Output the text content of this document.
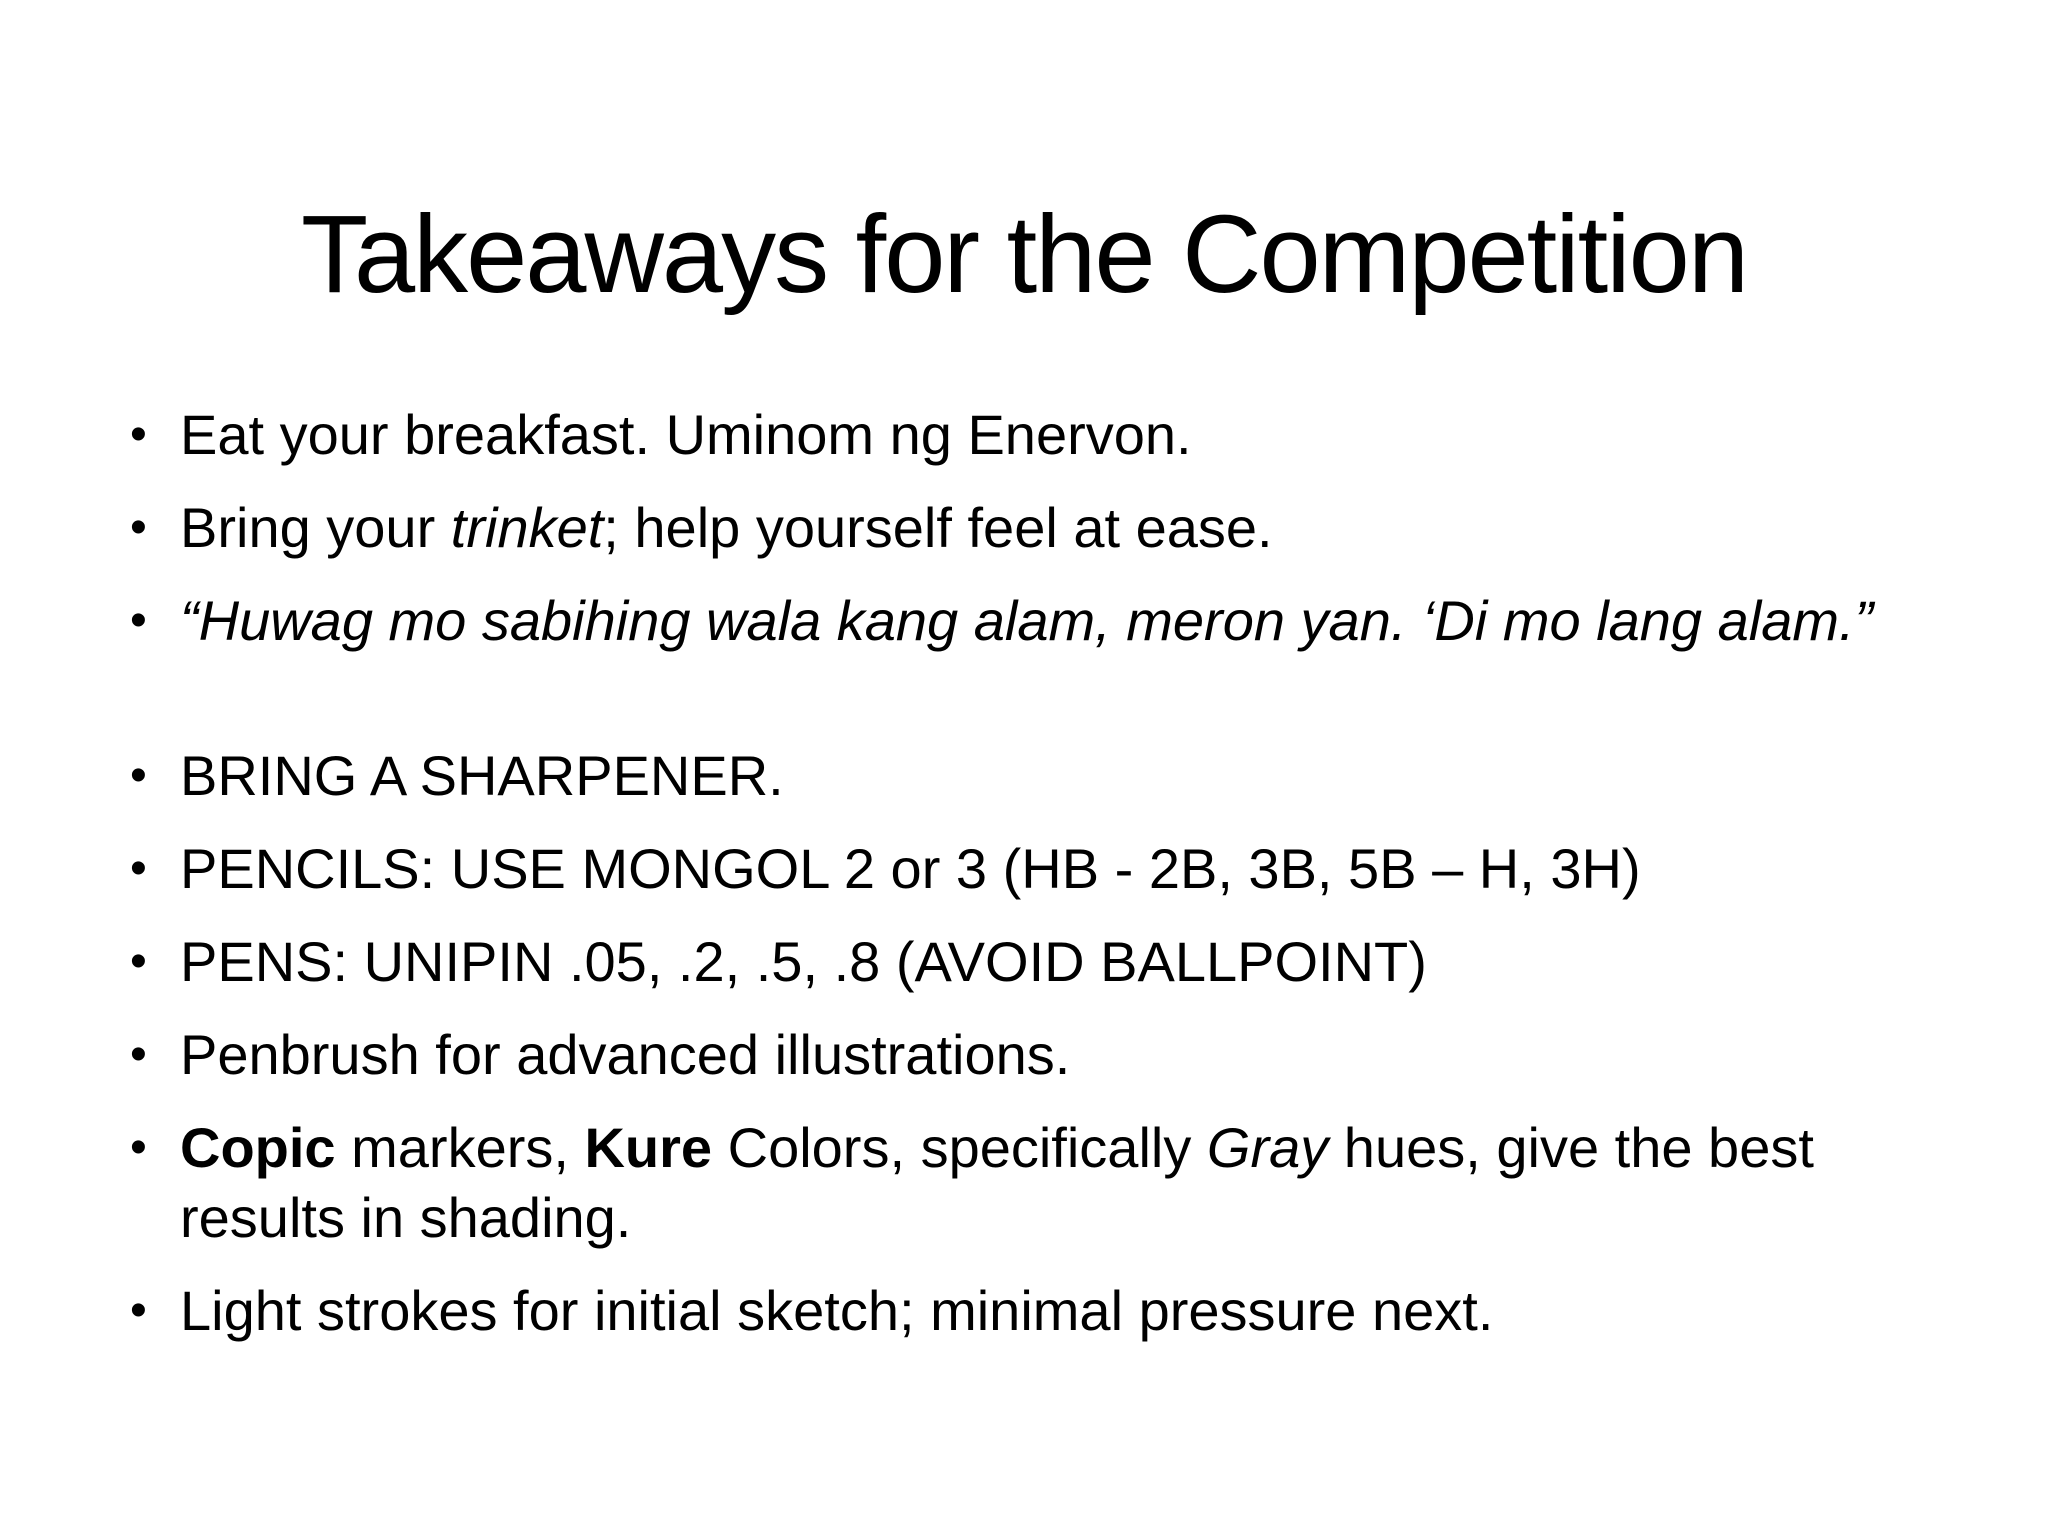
Takeaways for the Competition
• Eat your breakfast. Uminom ng Enervon.
• Bring your trinket; help yourself feel at ease.
• “Huwag mo sabihing wala kang alam, meron yan. ‘Di mo lang alam.”
• BRING A SHARPENER.
• PENCILS: USE MONGOL 2 or 3 (HB - 2B, 3B, 5B – H, 3H)
• PENS: UNIPIN .05, .2, .5, .8 (AVOID BALLPOINT)
• Penbrush for advanced illustrations.
• Copic markers, Kure Colors, specifically Gray hues, give the best results in shading.
• Light strokes for initial sketch; minimal pressure next.
